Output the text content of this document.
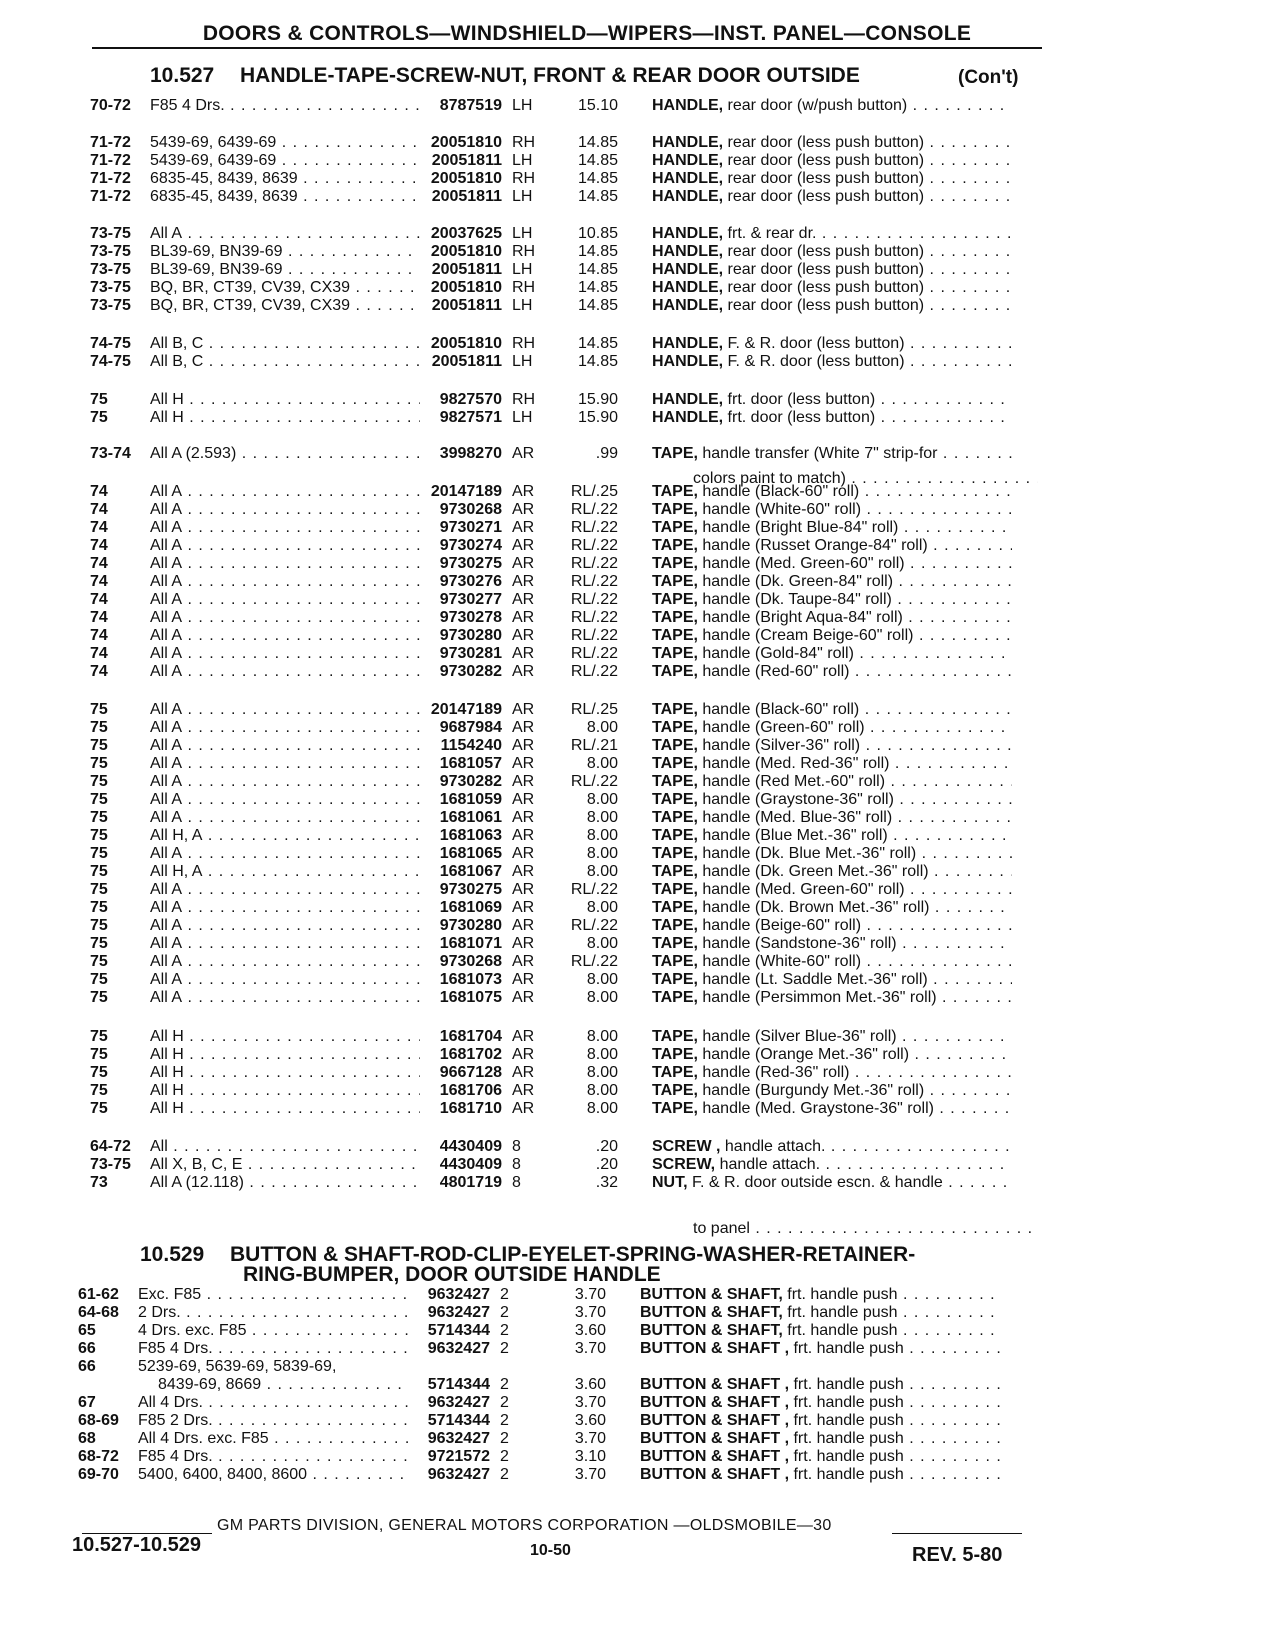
DOORS & CONTROLS—WINDSHIELD—WIPERS—INST. PANEL—CONSOLE
10.527 HANDLE-TAPE-SCREW-NUT, FRONT & REAR DOOR OUTSIDE	(Con't)
70-72	F85 4 Drs. . . .	8787519 LH	15.10 HANDLE, rear door (w/push button) . . .
71-72	5439-69, 6439-69 . . .	20051810 RH	14.85 HANDLE, rear door (less push button) . . .
71-72	5439-69, 6439-69 . . .	20051811 LH	14.85 HANDLE, rear door (less push button) . . .
71-72	6835-45, 8439, 8639 . . .	20051810 RH	14.85 HANDLE, rear door (less push button) . . .
71-72	6835-45, 8439, 8639 . . .	20051811 LH	14.85 HANDLE, rear door (less push button) . . .
73-75	All A . . .	20037625 LH	10.85 HANDLE, frt. & rear dr. . . .
73-75	BL39-69, BN39-69 . . .	20051810 RH	14.85 HANDLE, rear door (less push button) . . .
73-75	BL39-69, BN39-69 . . .	20051811 LH	14.85 HANDLE, rear door (less push button) . . .
73-75	BQ, BR, CT39, CV39, CX39 . . .	20051810 RH	14.85 HANDLE, rear door (less push button) . . .
73-75	BQ, BR, CT39, CV39, CX39 . . .	20051811 LH	14.85 HANDLE, rear door (less push button) . . .
74-75	All B, C . . .	20051810 RH	14.85 HANDLE, F. & R. door (less button) . . .
74-75	All B, C . . .	20051811 LH	14.85 HANDLE, F. & R. door (less button) . . .
75	All H . . .	9827570 RH	15.90 HANDLE, frt. door (less button) . . .
75	All H . . .	9827571 LH	15.90 HANDLE, frt. door (less button) . . .
73-74	All A (2.593) . . .	3998270 AR	.99 TAPE, handle transfer (White 7" strip-for . . .
74	All A . . .	20147189 AR	RL/.25 TAPE, handle (Black-60" roll) . . .
74	All A . . .	9730268 AR	RL/.22 TAPE, handle (White-60" roll) . . .
74	All A . . .	9730271 AR	RL/.22 TAPE, handle (Bright Blue-84" roll) . . .
74	All A . . .	9730274 AR	RL/.22 TAPE, handle (Russet Orange-84" roll) . . .
74	All A . . .	9730275 AR	RL/.22 TAPE, handle (Med. Green-60" roll) . . .
74	All A . . .	9730276 AR	RL/.22 TAPE, handle (Dk. Green-84" roll) . . .
74	All A . . .	9730277 AR	RL/.22 TAPE, handle (Dk. Taupe-84" roll) . . .
74	All A . . .	9730278 AR	RL/.22 TAPE, handle (Bright Aqua-84" roll) . . .
74	All A . . .	9730280 AR	RL/.22 TAPE, handle (Cream Beige-60" roll) . . .
74	All A . . .	9730281 AR	RL/.22 TAPE, handle (Gold-84" roll) . . .
74	All A . . .	9730282 AR	RL/.22 TAPE, handle (Red-60" roll) . . .
75	All A . . .	20147189 AR	RL/.25 TAPE, handle (Black-60" roll) . . .
75	All A . . .	9687984 AR	8.00 TAPE, handle (Green-60" roll) . . .
75	All A . . .	1154240 AR	RL/.21 TAPE, handle (Silver-36" roll) . . .
75	All A . . .	1681057 AR	8.00 TAPE, handle (Med. Red-36" roll) . . .
75	All A . . .	9730282 AR	RL/.22 TAPE, handle (Red Met.-60" roll) . . .
75	All A . . .	1681059 AR	8.00 TAPE, handle (Graystone-36" roll) . . .
75	All A . . .	1681061 AR	8.00 TAPE, handle (Med. Blue-36" roll) . . .
75	All H, A . . .	1681063 AR	8.00 TAPE, handle (Blue Met.-36" roll) . . .
75	All A . . .	1681065 AR	8.00 TAPE, handle (Dk. Blue Met.-36" roll) . . .
75	All H, A . . .	1681067 AR	8.00 TAPE, handle (Dk. Green Met.-36" roll) . . .
75	All A . . .	9730275 AR	RL/.22 TAPE, handle (Med. Green-60" roll) . . .
75	All A . . .	1681069 AR	8.00 TAPE, handle (Dk. Brown Met.-36" roll) . . .
75	All A . . .	9730280 AR	RL/.22 TAPE, handle (Beige-60" roll) . . .
75	All A . . .	1681071 AR	8.00 TAPE, handle (Sandstone-36" roll) . . .
75	All A . . .	9730268 AR	RL/.22 TAPE, handle (White-60" roll) . . .
75	All A . . .	1681073 AR	8.00 TAPE, handle (Lt. Saddle Met.-36" roll) . . .
75	All A . . .	1681075 AR	8.00 TAPE, handle (Persimmon Met.-36" roll) . . .
75	All H . . .	1681704 AR	8.00 TAPE, handle (Silver Blue-36" roll) . . .
75	All H . . .	1681702 AR	8.00 TAPE, handle (Orange Met.-36" roll) . . .
75	All H . . .	9667128 AR	8.00 TAPE, handle (Red-36" roll) . . .
75	All H . . .	1681706 AR	8.00 TAPE, handle (Burgundy Met.-36" roll) . . .
75	All H . . .	1681710 AR	8.00 TAPE, handle (Med. Graystone-36" roll) . . .
64-72	All . . .	4430409 8	.20 SCREW , handle attach. . . .
73-75	All X, B, C, E . . .	4430409 8	.20 SCREW, handle attach. . . .
73	All A (12.118) . . .	4801719 8	.32 NUT, F. & R. door outside escn. & handle . . .
colors paint to match) . . .
to panel . . .
10.529 BUTTON & SHAFT-ROD-CLIP-EYELET-SPRING-WASHER-RETAINER-
RING-BUMPER, DOOR OUTSIDE HANDLE
61-62	Exc. F85 . . .	9632427 2	3.70 BUTTON & SHAFT, frt. handle push . . .
64-68	2 Drs. . . .	9632427 2	3.70 BUTTON & SHAFT, frt. handle push . . .
65	4 Drs. exc. F85 . . .	5714344 2	3.60 BUTTON & SHAFT, frt. handle push . . .
66	F85 4 Drs. . . .	9632427 2	3.70 BUTTON & SHAFT , frt. handle push . . .
66	5239-69, 5639-69, 5839-69,
8439-69, 8669 . . .	5714344 2	3.60 BUTTON & SHAFT , frt. handle push . . .
67	All 4 Drs. . . .	9632427 2	3.70 BUTTON & SHAFT , frt. handle push . . .
68-69	F85 2 Drs. . . .	5714344 2	3.60 BUTTON & SHAFT , frt. handle push . . .
68	All 4 Drs. exc. F85 . . .	9632427 2	3.70 BUTTON & SHAFT , frt. handle push . . .
68-72	F85 4 Drs. . . .	9721572 2	3.10 BUTTON & SHAFT , frt. handle push . . .
69-70	5400, 6400, 8400, 8600 . . .	9632427 2	3.70 BUTTON & SHAFT , frt. handle push . . .
GM PARTS DIVISION, GENERAL MOTORS CORPORATION —OLDSMOBILE—30
10.527-10.529	10-50	REV. 5-80
